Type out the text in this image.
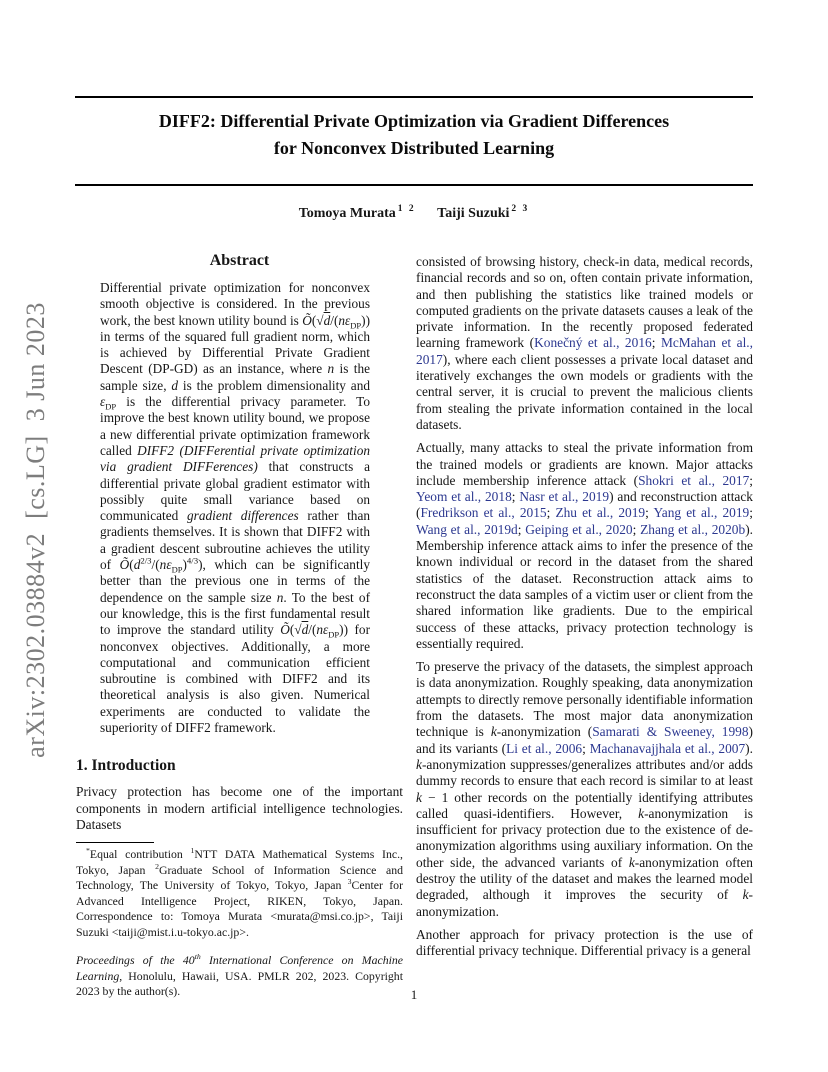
arXiv:2302.03884v2  [cs.LG]  3 Jun 2023
DIFF2: Differential Private Optimization via Gradient Differences
for Nonconvex Distributed Learning
Tomoya Murata $^{1 2}$ Taiji Suzuki $^{2 3}$
Abstract
Differential private optimization for nonconvex smooth objective is considered. In the previous work, the best known utility bound is $Õ(√d/(n\varepsilon_{DP}))$ in terms of the squared full gradient norm, which is achieved by Differential Private Gradient Descent (DP-GD) as an instance, where n is the sample size, d is the problem dimensionality and $\varepsilon_{DP}$ is the differential privacy parameter. To improve the best known utility bound, we propose a new differential private optimization framework called DIFF2 (DIFFerential private optimization via gradient DIFFerences) that constructs a differential private global gradient estimator with possibly quite small variance based on communicated gradient differences rather than gradients themselves. It is shown that DIFF2 with a gradient descent subroutine achieves the utility of $Õ(d^{2/3}/(n\varepsilon_{DP})^{4/3})$, which can be significantly better than the previous one in terms of the dependence on the sample size n. To the best of our knowledge, this is the first fundamental result to improve the standard utility $Õ(√d/(n\varepsilon_{DP}))$ for nonconvex objectives. Additionally, a more computational and communication efficient subroutine is combined with DIFF2 and its theoretical analysis is also given. Numerical experiments are conducted to validate the superiority of DIFF2 framework.
1. Introduction
Privacy protection has become one of the important components in modern artificial intelligence technologies. Datasets
*Equal contribution $^1$NTT DATA Mathematical Systems Inc., Tokyo, Japan $^2$Graduate School of Information Science and Technology, The University of Tokyo, Tokyo, Japan $^3$Center for Advanced Intelligence Project, RIKEN, Tokyo, Japan. Correspondence to: Tomoya Murata <murata@msi.co.jp>, Taiji Suzuki <taiji@mist.i.u-tokyo.ac.jp>.
Proceedings of the 40th International Conference on Machine Learning, Honolulu, Hawaii, USA. PMLR 202, 2023. Copyright 2023 by the author(s).
consisted of browsing history, check-in data, medical records, financial records and so on, often contain private information, and then publishing the statistics like trained models or computed gradients on the private datasets causes a leak of the private information. In the recently proposed federated learning framework (Konečný et al., 2016; McMahan et al., 2017), where each client possesses a private local dataset and iteratively exchanges the own models or gradients with the central server, it is crucial to prevent the malicious clients from stealing the private information contained in the local datasets.
Actually, many attacks to steal the private information from the trained models or gradients are known. Major attacks include membership inference attack (Shokri et al., 2017; Yeom et al., 2018; Nasr et al., 2019) and reconstruction attack (Fredrikson et al., 2015; Zhu et al., 2019; Yang et al., 2019; Wang et al., 2019d; Geiping et al., 2020; Zhang et al., 2020b). Membership inference attack aims to infer the presence of the known individual or record in the dataset from the shared statistics of the dataset. Reconstruction attack aims to reconstruct the data samples of a victim user or client from the shared information like gradients. Due to the empirical success of these attacks, privacy protection technology is essentially required.
To preserve the privacy of the datasets, the simplest approach is data anonymization. Roughly speaking, data anonymization attempts to directly remove personally identifiable information from the datasets. The most major data anonymization technique is k-anonymization (Samarati & Sweeney, 1998) and its variants (Li et al., 2006; Machanavajjhala et al., 2007). k-anonymization suppresses/generalizes attributes and/or adds dummy records to ensure that each record is similar to at least k − 1 other records on the potentially identifying attributes called quasi-identifiers. However, k-anonymization is insufficient for privacy protection due to the existence of de-anonymization algorithms using auxiliary information. On the other side, the advanced variants of k-anonymization often destroy the utility of the dataset and makes the learned model degraded, although it improves the security of k-anonymization.
Another approach for privacy protection is the use of differential privacy technique. Differential privacy is a general
1
